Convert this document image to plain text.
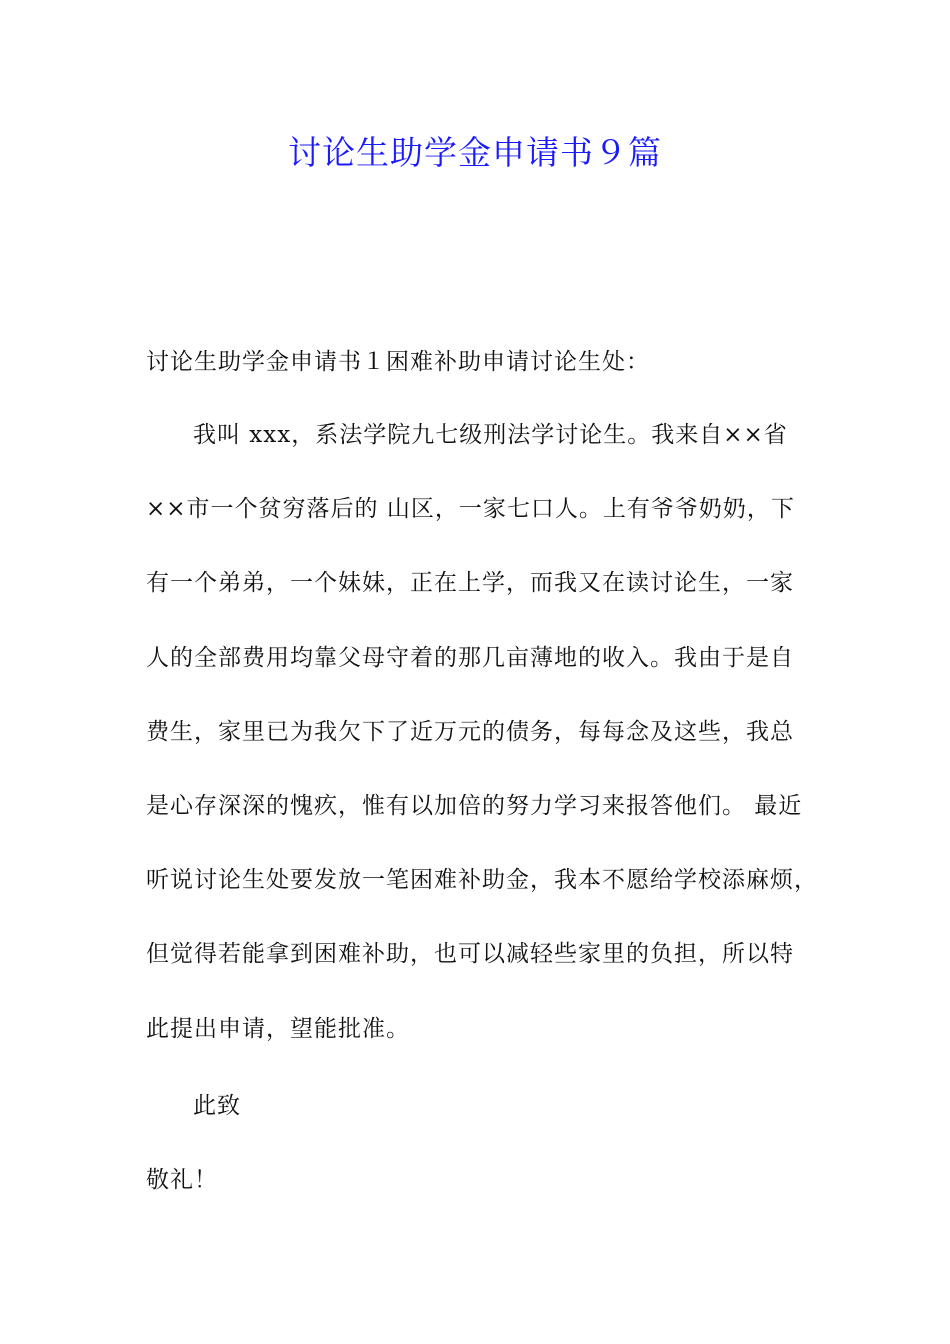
讨论生助学金申请书９篇
讨论生助学金申请书１困难补助申请讨论生处：
我叫 xxx，系法学院九七级刑法学讨论生。我来自××省
××市一个贫穷落后的 山区，一家七口人。上有爷爷奶奶，下
有一个弟弟，一个妹妹，正在上学，而我又在读讨论生，一家
人的全部费用均靠父母守着的那几亩薄地的收入。我由于是自
费生，家里已为我欠下了近万元的债务，每每念及这些，我总
是心存深深的愧疚，惟有以加倍的努力学习来报答他们。 最近
听说讨论生处要发放一笔困难补助金，我本不愿给学校添麻烦，
但觉得若能拿到困难补助，也可以减轻些家里的负担，所以特
此提出申请，望能批准。
此致
敬礼！
